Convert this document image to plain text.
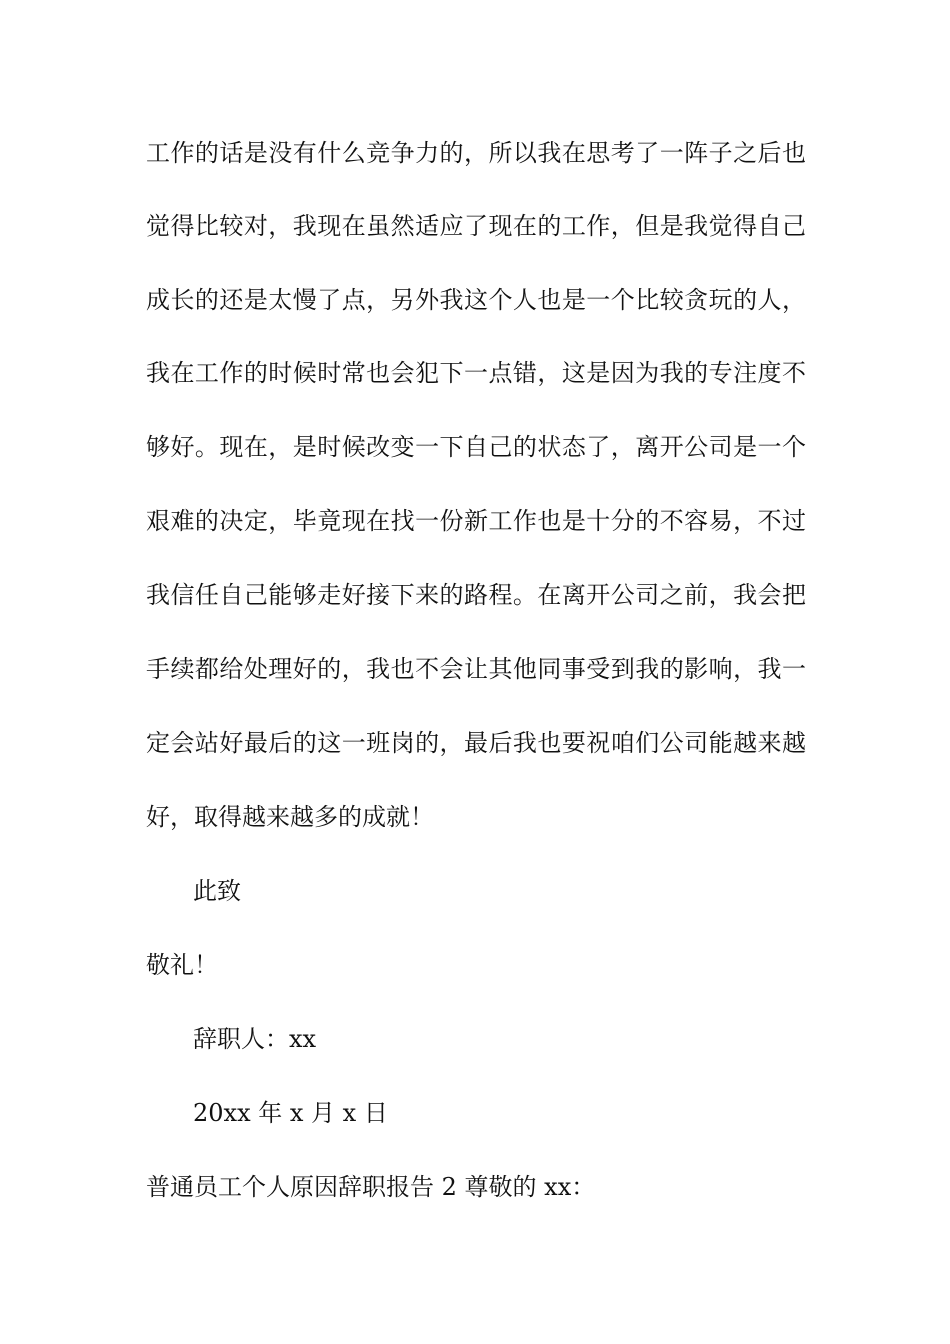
工作的话是没有什么竞争力的，所以我在思考了一阵子之后也
觉得比较对，我现在虽然适应了现在的工作，但是我觉得自己
成长的还是太慢了点，另外我这个人也是一个比较贪玩的人，
我在工作的时候时常也会犯下一点错，这是因为我的专注度不
够好。现在，是时候改变一下自己的状态了，离开公司是一个
艰难的决定，毕竟现在找一份新工作也是十分的不容易，不过
我信任自己能够走好接下来的路程。在离开公司之前，我会把
手续都给处理好的，我也不会让其他同事受到我的影响，我一
定会站好最后的这一班岗的，最后我也要祝咱们公司能越来越
好，取得越来越多的成就！
此致
敬礼！
辞职人：xx
20xx 年 x 月 x 日
普通员工个人原因辞职报告 2 尊敬的 xx：
